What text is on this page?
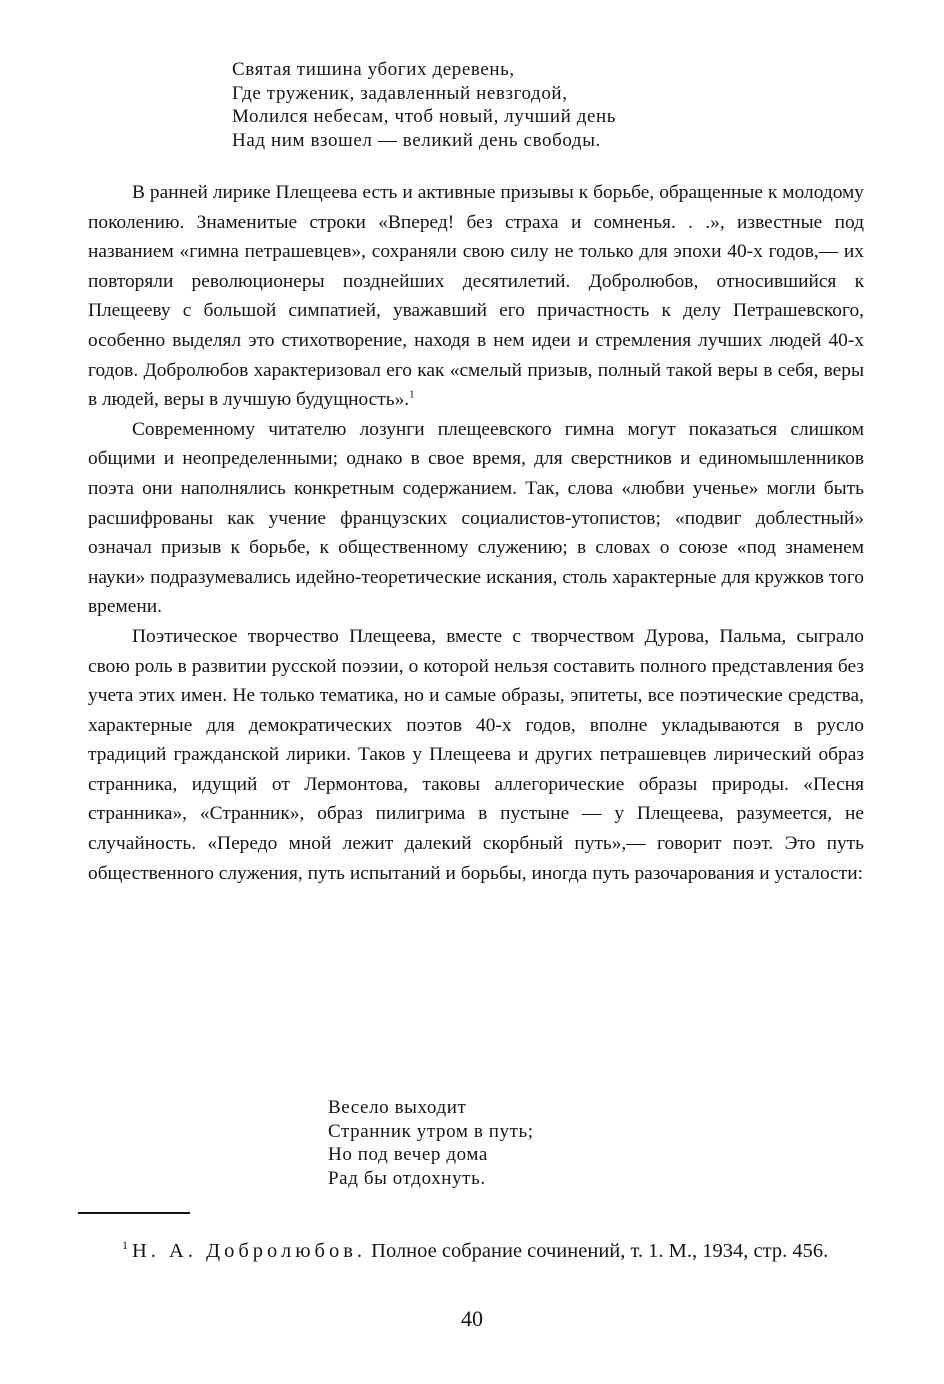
Святая тишина убогих деревень,
Где труженик, задавленный невзгодой,
Молился небесам, чтоб новый, лучший день
Над ним взошел — великий день свободы.

В ранней лирике Плещеева есть и активные призывы к борьбе, обращенные к молодому поколению. Знаменитые строки «Вперед! без страха и сомненья. . .», известные под названием «гимна петрашевцев», сохраняли свою силу не только для эпохи 40-х годов,— их повторяли революционеры позднейших десятилетий. Добролюбов, относившийся к Плещееву с большой симпатией, уважавший его причастность к делу Петрашевского, особенно выделял это стихотворение, находя в нем идеи и стремления лучших людей 40-х годов. Добролюбов характеризовал его как «смелый призыв, полный такой веры в себя, веры в людей, веры в лучшую будущность».$^1$

Современному читателю лозунги плещеевского гимна могут показаться слишком общими и неопределенными; однако в свое время, для сверстников и единомышленников поэта они наполнялись конкретным содержанием. Так, слова «любви ученье» могли быть расшифрованы как учение французских социалистов-утопистов; «подвиг доблестный» означал призыв к борьбе, к общественному служению; в словах о союзе «под знаменем науки» подразумевались идейно-теоретические искания, столь характерные для кружков того времени.

Поэтическое творчество Плещеева, вместе с творчеством Дурова, Пальма, сыграло свою роль в развитии русской поэзии, о которой нельзя составить полного представления без учета этих имен. Не только тематика, но и самые образы, эпитеты, все поэтические средства, характерные для демократических поэтов 40-х годов, вполне укладываются в русло традиций гражданской лирики. Таков у Плещеева и других петрашевцев лирический образ странника, идущий от Лермонтова, таковы аллегорические образы природы. «Песня странника», «Странник», образ пилигрима в пустыне — у Плещеева, разумеется, не случайность. «Передо мной лежит далекий скорбный путь»,— говорит поэт. Это путь общественного служения, путь испытаний и борьбы, иногда путь разочарования и усталости:

Весело выходит
Странник утром в путь;
Но под вечер дома
Рад бы отдохнуть.
$^1$ Н. А. Добролюбов. Полное собрание сочинений, т. 1. М., 1934, стр. 456.
40
